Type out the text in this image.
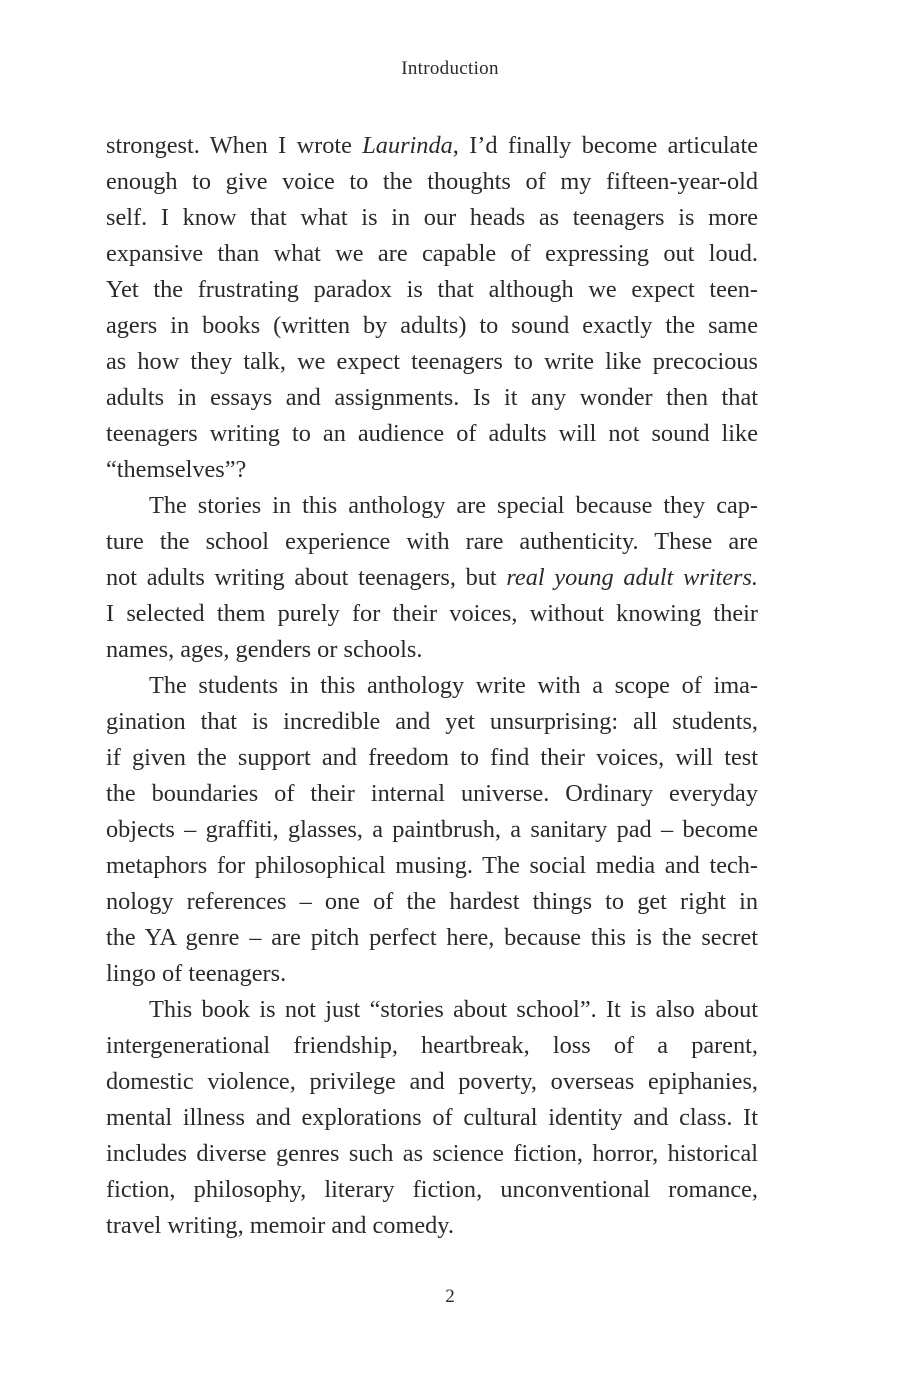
Introduction

strongest. When I wrote Laurinda, I’d finally become articulate
enough to give voice to the thoughts of my fifteen-year-old
self. I know that what is in our heads as teenagers is more
expansive than what we are capable of expressing out loud.
Yet the frustrating paradox is that although we expect teen-
agers in books (written by adults) to sound exactly the same
as how they talk, we expect teenagers to write like precocious
adults in essays and assignments. Is it any wonder then that
teenagers writing to an audience of adults will not sound like
“themselves”?

The stories in this anthology are special because they cap-
ture the school experience with rare authenticity. These are
not adults writing about teenagers, but real young adult writers.
I selected them purely for their voices, without knowing their
names, ages, genders or schools.

The students in this anthology write with a scope of ima-
gination that is incredible and yet unsurprising: all students,
if given the support and freedom to find their voices, will test
the boundaries of their internal universe. Ordinary everyday
objects – graffiti, glasses, a paintbrush, a sanitary pad – become
metaphors for philosophical musing. The social media and tech-
nology references – one of the hardest things to get right in
the YA genre – are pitch perfect here, because this is the secret
lingo of teenagers.

This book is not just “stories about school”. It is also about
intergenerational friendship, heartbreak, loss of a parent,
domestic violence, privilege and poverty, overseas epiphanies,
mental illness and explorations of cultural identity and class. It
includes diverse genres such as science fiction, horror, historical
fiction, philosophy, literary fiction, unconventional romance,
travel writing, memoir and comedy.

2
